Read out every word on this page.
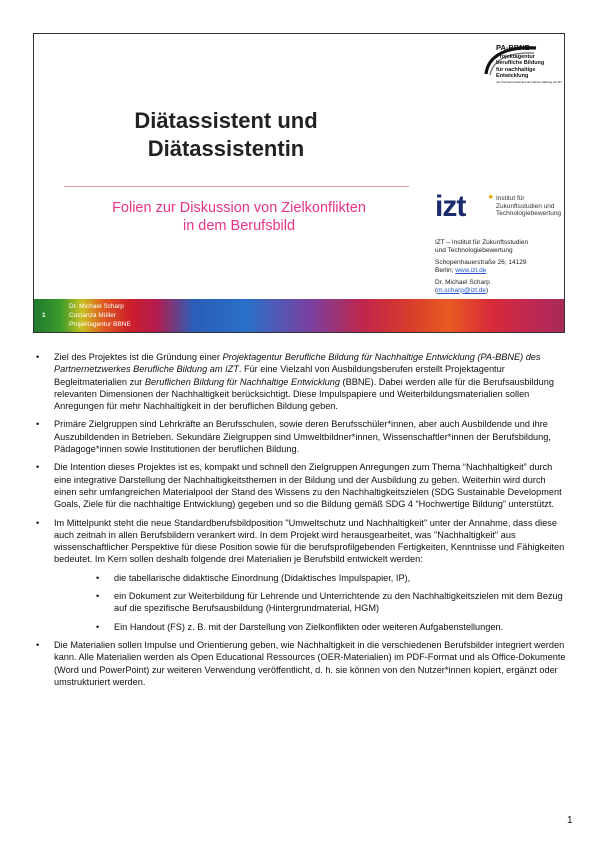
PA-BBNE
Projektagentur
berufliche Bildung
für nachhaltige Entwicklung
des Partnernetzwerkes Berufliche Bildung am IZT
Diätassistent und
Diätassistentin
Folien zur Diskussion von Zielkonflikten
in dem Berufsbild
izt	✦ Institut für
Zukunftsstudien und
Technologiebewertung
IZT – Institut für Zukunftsstudien
und Technologiebewertung
Schopenhauerstraße 26; 14129
Berlin; www.izt.de
Dr. Michael Scharp
(m.scharp@izt.de)
1
Dr. Michael Scharp
Costanza Müller
Projektagentur BBNE
• Ziel des Projektes ist die Gründung einer Projektagentur Berufliche Bildung für Nachhaltige Entwicklung (PA-BBNE) des Partnernetzwerkes Berufliche Bildung am IZT. Für eine Vielzahl von Ausbildungsberufen erstellt Projektagentur Begleitmaterialien zur Beruflichen Bildung für Nachhaltige Entwicklung (BBNE). Dabei werden alle für die Berufsausbildung relevanten Dimensionen der Nachhaltigkeit berücksichtigt. Diese Impulspapiere und Weiterbildungsmaterialien sollen Anregungen für mehr Nachhaltigkeit in der beruflichen Bildung geben.
• Primäre Zielgruppen sind Lehrkräfte an Berufsschulen, sowie deren Berufsschüler*innen, aber auch Ausbildende und ihre Auszubildenden in Betrieben. Sekundäre Zielgruppen sind Umweltbildner*innen, Wissenschaftler*innen der Berufsbildung, Pädagoge*innen sowie Institutionen der beruflichen Bildung.
• Die Intention dieses Projektes ist es, kompakt und schnell den Zielgruppen Anregungen zum Thema “Nachhaltigkeit” durch eine integrative Darstellung der Nachhaltigkeitsthemen in der Bildung und der Ausbildung zu geben. Weiterhin wird durch einen sehr umfangreichen Materialpool der Stand des Wissens zu den Nachhaltigkeitszielen (SDG Sustainable Development Goals, Ziele für die nachhaltige Entwicklung) gegeben und so die Bildung gemäß SDG 4 “Hochwertige Bildung” unterstützt.
• Im Mittelpunkt steht die neue Standardberufsbildposition "Umweltschutz und Nachhaltigkeit" unter der Annahme, dass diese auch zeitnah in allen Berufsbildern verankert wird. In dem Projekt wird herausgearbeitet, was "Nachhaltigkeit" aus wissenschaftlicher Perspektive für diese Position sowie für die berufsprofilgebenden Fertigkeiten, Kenntnisse und Fähigkeiten bedeutet. Im Kern sollen deshalb folgende drei Materialien je Berufsbild entwickelt werden:
• die tabellarische didaktische Einordnung (Didaktisches Impulspapier, IP),
• ein Dokument zur Weiterbildung für Lehrende und Unterrichtende zu den Nachhaltigkeitszielen mit dem Bezug auf die spezifische Berufsausbildung (Hintergrundmaterial, HGM)
• Ein Handout (FS) z. B. mit der Darstellung von Zielkonflikten oder weiteren Aufgabenstellungen.
• Die Materialien sollen Impulse und Orientierung geben, wie Nachhaltigkeit in die verschiedenen Berufsbilder integriert werden kann. Alle Materialien werden als Open Educational Ressources (OER-Materialien) im PDF-Format und als Office-Dokumente (Word und PowerPoint) zur weiteren Verwendung veröffentlicht, d. h. sie können von den Nutzer*innen kopiert, ergänzt oder umstrukturiert werden.
1
